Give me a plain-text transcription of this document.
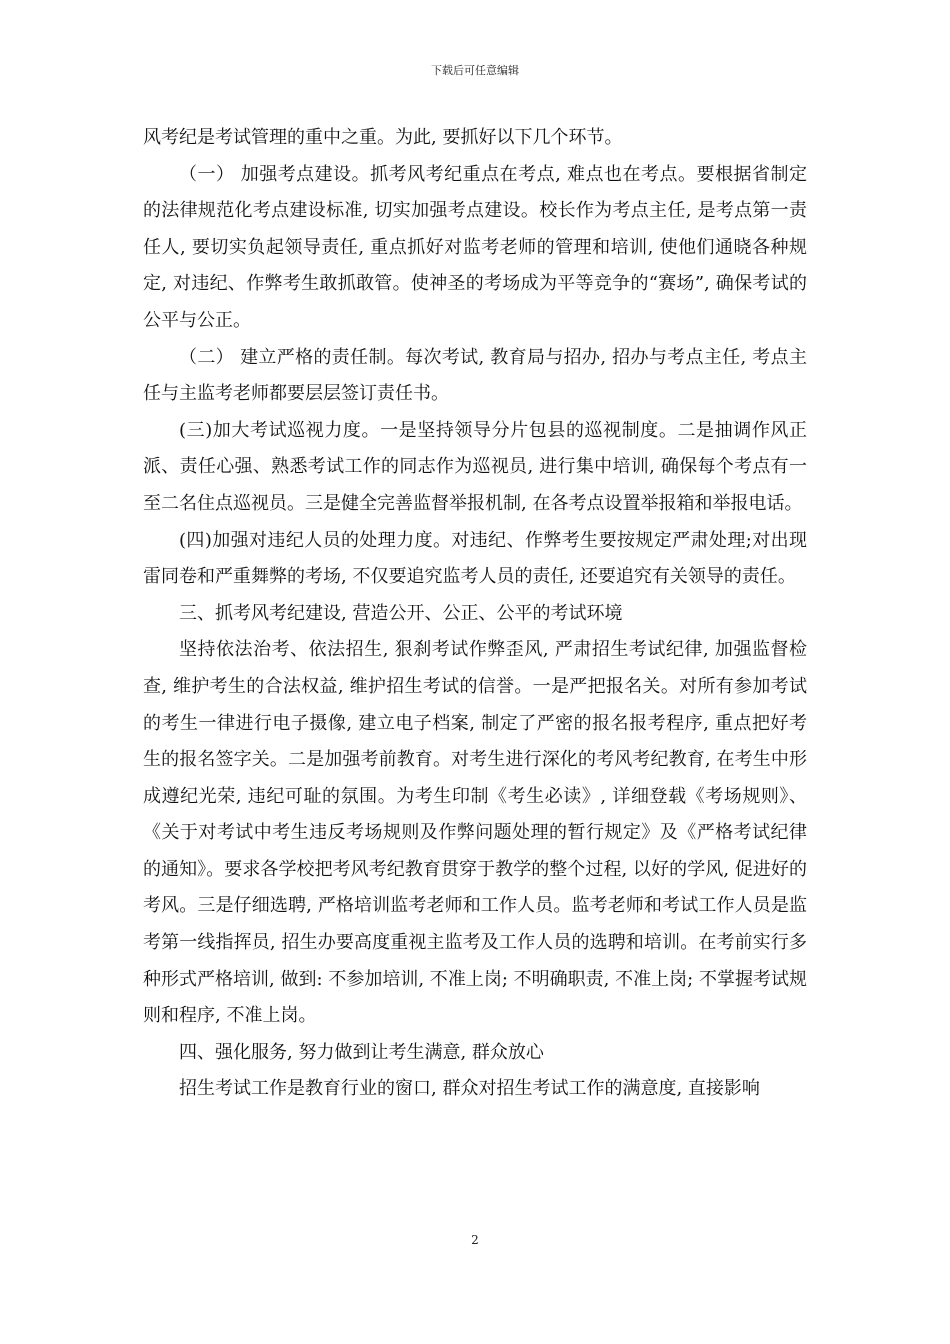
下载后可任意编辑

风考纪是考试管理的重中之重。为此, 要抓好以下几个环节。

（一） 加强考点建设。抓考风考纪重点在考点, 难点也在考点。要根据省制定的法律规范化考点建设标准, 切实加强考点建设。校长作为考点主任, 是考点第一责任人, 要切实负起领导责任, 重点抓好对监考老师的管理和培训, 使他们通晓各种规定, 对违纪、作弊考生敢抓敢管。使神圣的考场成为平等竞争的“赛场”, 确保考试的公平与公正。

（二） 建立严格的责任制。每次考试, 教育局与招办, 招办与考点主任, 考点主任与主监考老师都要层层签订责任书。

(三)加大考试巡视力度。一是坚持领导分片包县的巡视制度。二是抽调作风正派、责任心强、熟悉考试工作的同志作为巡视员, 进行集中培训, 确保每个考点有一至二名住点巡视员。三是健全完善监督举报机制, 在各考点设置举报箱和举报电话。

(四)加强对违纪人员的处理力度。对违纪、作弊考生要按规定严肃处理;对出现雷同卷和严重舞弊的考场, 不仅要追究监考人员的责任, 还要追究有关领导的责任。

三、抓考风考纪建设, 营造公开、公正、公平的考试环境

坚持依法治考、依法招生, 狠刹考试作弊歪风, 严肃招生考试纪律, 加强监督检查, 维护考生的合法权益, 维护招生考试的信誉。一是严把报名关。对所有参加考试的考生一律进行电子摄像, 建立电子档案, 制定了严密的报名报考程序, 重点把好考生的报名签字关。二是加强考前教育。对考生进行深化的考风考纪教育, 在考生中形成遵纪光荣, 违纪可耻的氛围。为考生印制《考生必读》, 详细登载《考场规则》、《关于对考试中考生违反考场规则及作弊问题处理的暂行规定》及《严格考试纪律的通知》。要求各学校把考风考纪教育贯穿于教学的整个过程, 以好的学风, 促进好的考风。三是仔细选聘, 严格培训监考老师和工作人员。监考老师和考试工作人员是监考第一线指挥员, 招生办要高度重视主监考及工作人员的选聘和培训。在考前实行多种形式严格培训, 做到: 不参加培训, 不准上岗; 不明确职责, 不准上岗; 不掌握考试规则和程序, 不准上岗。

四、强化服务, 努力做到让考生满意, 群众放心

招生考试工作是教育行业的窗口, 群众对招生考试工作的满意度, 直接影响

2
